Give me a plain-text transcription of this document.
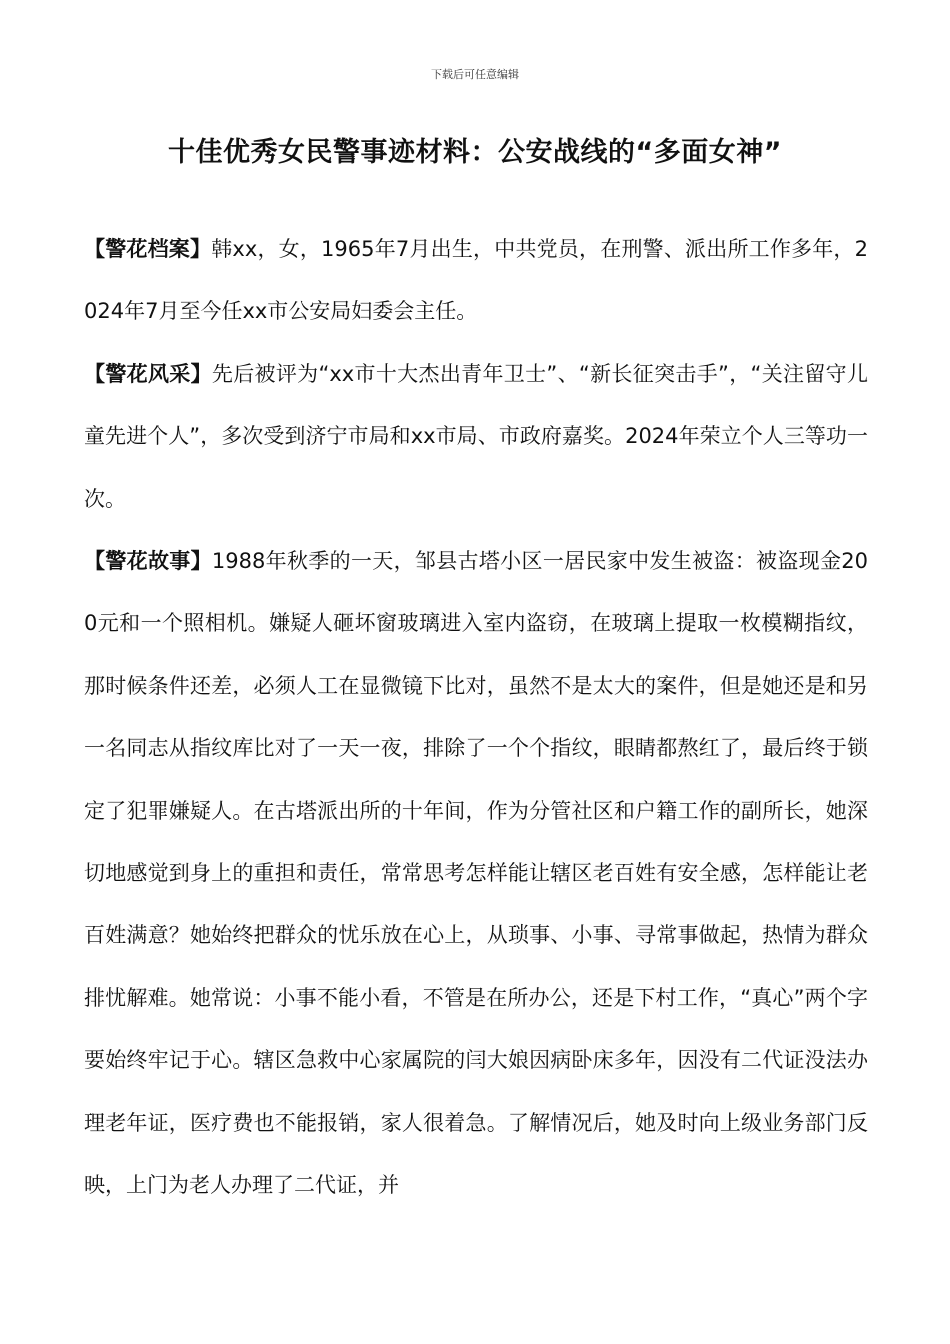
下载后可任意编辑
十佳优秀女民警事迹材料：公安战线的“多面女神”

【警花档案】韩xx，女，1965年7月出生，中共党员，在刑警、派出所工作多年，2024年7月至今任xx市公安局妇委会主任。

【警花风采】先后被评为“xx市十大杰出青年卫士”、“新长征突击手”，“关注留守儿童先进个人”，多次受到济宁市局和xx市局、市政府嘉奖。2024年荣立个人三等功一次。

【警花故事】1988年秋季的一天，邹县古塔小区一居民家中发生被盗：被盗现金200元和一个照相机。嫌疑人砸坏窗玻璃进入室内盗窃，在玻璃上提取一枚模糊指纹，那时候条件还差，必须人工在显微镜下比对，虽然不是太大的案件，但是她还是和另一名同志从指纹库比对了一天一夜，排除了一个个指纹，眼睛都熬红了，最后终于锁定了犯罪嫌疑人。在古塔派出所的十年间，作为分管社区和户籍工作的副所长，她深切地感觉到身上的重担和责任，常常思考怎样能让辖区老百姓有安全感，怎样能让老百姓满意？她始终把群众的忧乐放在心上，从琐事、小事、寻常事做起，热情为群众排忧解难。她常说：小事不能小看，不管是在所办公，还是下村工作，“真心”两个字要始终牢记于心。辖区急救中心家属院的闫大娘因病卧床多年，因没有二代证没法办理老年证，医疗费也不能报销，家人很着急。了解情况后，她及时向上级业务部门反映，上门为老人办理了二代证，并
